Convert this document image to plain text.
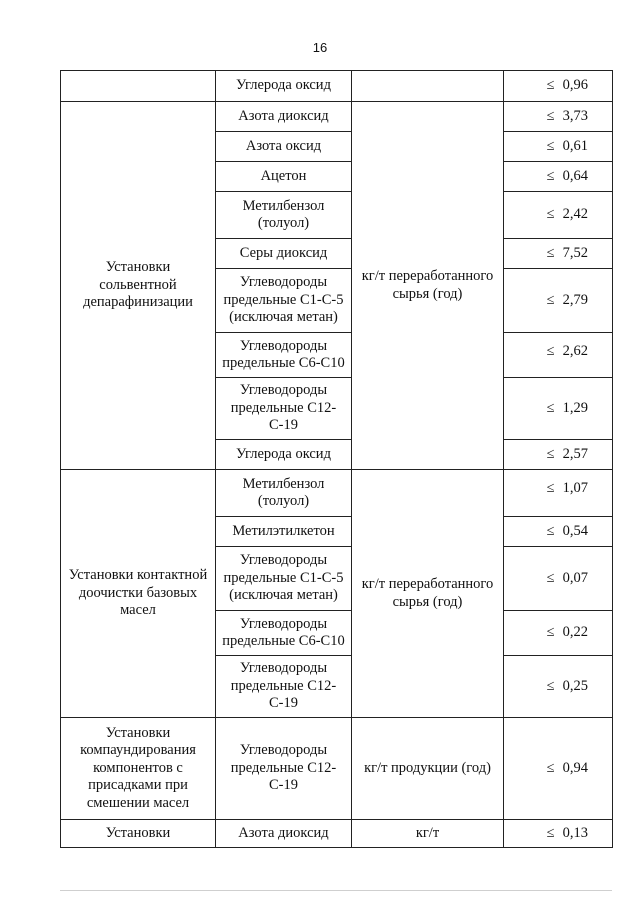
16
	Углерода оксид		≤ 0,96
Установки сольвентной депарафинизации	Азота диоксид	кг/т переработанного сырья (год)	≤ 3,73
	Азота оксид		≤ 0,61
	Ацетон		≤ 0,64
	Метилбензол (толуол)		≤ 2,42
	Серы диоксид		≤ 7,52
	Углеводороды предельные С1-С-5 (исключая метан)		≤ 2,79
	Углеводороды предельные С6-С10		≤ 2,62
	Углеводороды предельные С12-С-19		≤ 1,29
	Углерода оксид		≤ 2,57
Установки контактной доочистки базовых масел	Метилбензол (толуол)	кг/т переработанного сырья (год)	≤ 1,07
	Метилэтилкетон		≤ 0,54
	Углеводороды предельные С1-С-5 (исключая метан)		≤ 0,07
	Углеводороды предельные С6-С10		≤ 0,22
	Углеводороды предельные С12-С-19		≤ 0,25
Установки компаундирования компонентов с присадками при смешении масел	Углеводороды предельные С12-С-19	кг/т продукции (год)	≤ 0,94
Установки	Азота диоксид	кг/т	≤ 0,13
